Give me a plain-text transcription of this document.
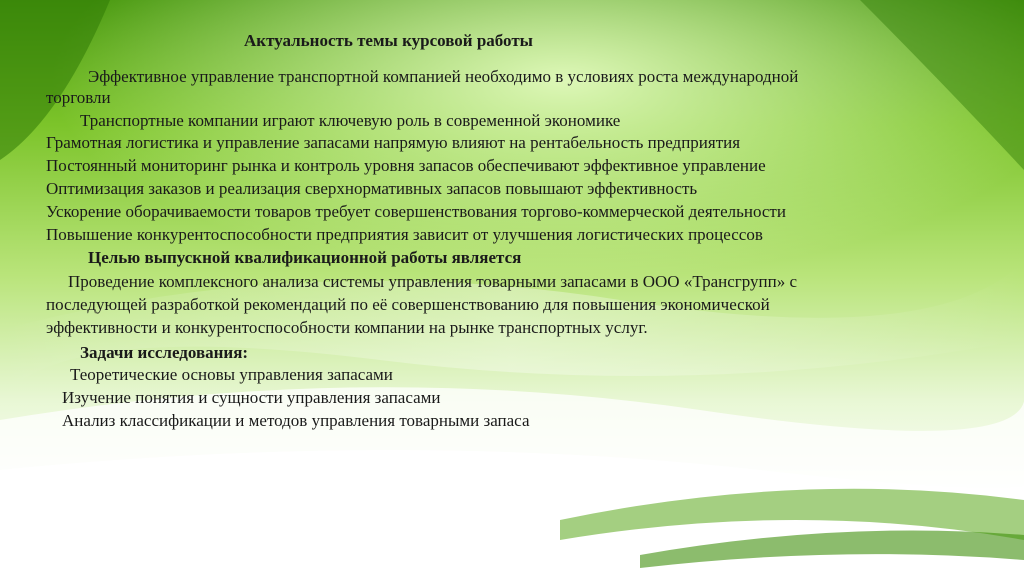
Актуальность темы курсовой работы
Эффективное управление транспортной компанией необходимо в условиях роста международной
торговли
Транспортные компании играют ключевую роль в современной экономике
Грамотная логистика и управление запасами напрямую влияют на рентабельность предприятия
Постоянный мониторинг рынка и контроль уровня запасов обеспечивают эффективное управление
Оптимизация заказов и реализация сверхнормативных запасов повышают эффективность
Ускорение оборачиваемости товаров требует совершенствования торгово-коммерческой деятельности
Повышение конкурентоспособности предприятия зависит от улучшения логистических процессов
Целью выпускной квалификационной работы является
Проведение комплексного анализа системы управления товарными запасами в ООО «Трансгрупп» с
последующей разработкой рекомендаций по её совершенствованию для повышения экономической
эффективности и конкурентоспособности компании на рынке транспортных услуг.
Задачи исследования:
Теоретические основы управления запасами
Изучение понятия и сущности управления запасами
Анализ классификации и методов управления товарными запаса
